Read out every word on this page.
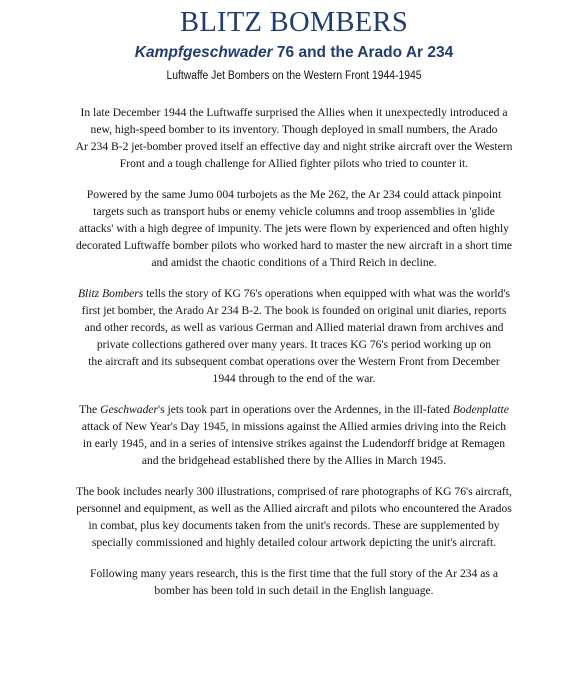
BLITZ BOMBERS
Kampfgeschwader 76 and the Arado Ar 234
Luftwaffe Jet Bombers on the Western Front 1944-1945
In late December 1944 the Luftwaffe surprised the Allies when it unexpectedly introduced a
new, high-speed bomber to its inventory. Though deployed in small numbers, the Arado
Ar 234 B-2 jet-bomber proved itself an effective day and night strike aircraft over the Western
Front and a tough challenge for Allied fighter pilots who tried to counter it.
Powered by the same Jumo 004 turbojets as the Me 262, the Ar 234 could attack pinpoint
targets such as transport hubs or enemy vehicle columns and troop assemblies in 'glide
attacks' with a high degree of impunity. The jets were flown by experienced and often highly
decorated Luftwaffe bomber pilots who worked hard to master the new aircraft in a short time
and amidst the chaotic conditions of a Third Reich in decline.
Blitz Bombers tells the story of KG 76's operations when equipped with what was the world's
first jet bomber, the Arado Ar 234 B-2. The book is founded on original unit diaries, reports
and other records, as well as various German and Allied material drawn from archives and
private collections gathered over many years. It traces KG 76's period working up on
the aircraft and its subsequent combat operations over the Western Front from December
1944 through to the end of the war.
The Geschwader's jets took part in operations over the Ardennes, in the ill-fated Bodenplatte
attack of New Year's Day 1945, in missions against the Allied armies driving into the Reich
in early 1945, and in a series of intensive strikes against the Ludendorff bridge at Remagen
and the bridgehead established there by the Allies in March 1945.
The book includes nearly 300 illustrations, comprised of rare photographs of KG 76's aircraft,
personnel and equipment, as well as the Allied aircraft and pilots who encountered the Arados
in combat, plus key documents taken from the unit's records. These are supplemented by
specially commissioned and highly detailed colour artwork depicting the unit's aircraft.
Following many years research, this is the first time that the full story of the Ar 234 as a
bomber has been told in such detail in the English language.
